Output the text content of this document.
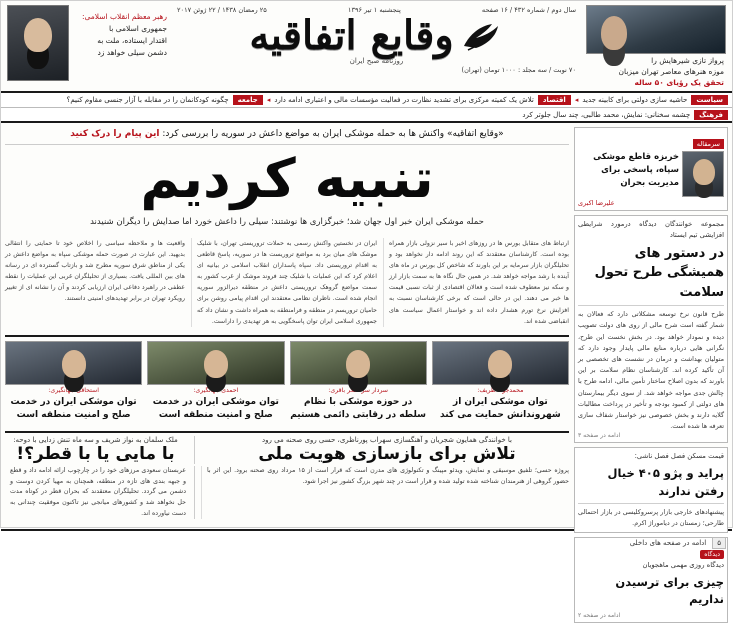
پرواز تازی شیرهایش را
موزه هنرهای معاصر تهران میزبان
تحقق یک رؤیای ۵۰ ساله
سال دوم / شماره ۴۳۲ / ۱۶ صفحه
پنجشنبه ۱ تیر ۱۳۹۶
۲۵ رمضان ۱۴۳۸ / ۲۲ ژوئن ۲۰۱۷
وقایع اتفاقیه
روزنامه صبح ایران
۷۰ نوبت / سه مجلد : ۱۰۰۰ تومان (تهران)
رهبر معظم انقلاب اسلامی:
جمهوری اسلامی با
اقتدار ایستاده، ملت به
دشمن سیلی خواهد زد
سیاست
حاشیه سازی دولتی برای کابینه جدید
◂
اقتصاد
تلاش یک کمیته مرکزی برای تشدید نظارت در فعالیت مؤسسات مالی و اعتباری ادامه دارد
◂
جامعه
چگونه کودکانمان را در مقابله با آزار جنسی مقاوم کنیم؟
فرهنگ
چشمه سخنانی: نمایش، محمد طالبی، چند سال جلوتر کرد
سرمقاله
خربزه قاطع موشکی سپاه، پاسخی برای مدیریت بحران
علیرضا اکبری
مجموعه خوانندگان دیدگاه درمورد شرایطی افزایشی تیم ایستاد
در دستور های همیشگی طرح تحول سلامت
طرح قانون نرخ توسعه مشکلاتی دارد که فعالان به شمار گفته است شرح مالی از روی های دولت تصویب دیده و نمودار خواهد بود. در بخش نخست این طرح، نگرانی هایی درباره منابع مالی پایدار وجود دارد که متولیان بهداشت و درمان در نشست های تخصصی بر آن تأکید کرده اند. کارشناسان نظام سلامت بر این باورند که بدون اصلاح ساختار تأمین مالی، ادامه طرح با چالش جدی مواجه خواهد شد. از سوی دیگر بیمارستان های دولتی از کمبود بودجه و تأخیر در پرداخت مطالبات گلایه دارند و بخش خصوصی نیز خواستار شفاف سازی تعرفه ها شده است.
ادامه در صفحه ۳
قیمت مسکن فصل فصل ناشی:
پراید و پژو ۴۰۵ خیال رفتن ندارند
پیشنهادهای خارجی بازار پرسروکلیسی در بازار احتمالی طارحی؛ زمستان در دیاموراژ اکرم.
دیدگاه
دیدگاه روزی مهمی ماهجویان
چیزی برای ترسیدن نداریم
ادامه در صفحه ۲
«وقایع اتفاقیه» واکنش ها به حمله موشکی ایران به مواضع داعش در سوریه را بررسی کرد: این پیام را درک کنید
تنبیه کردیم
حمله موشکی ایران خبر اول جهان شد؛ خبرگزاری ها نوشتند: سیلی را داعش خورد اما صدایش را دیگران شنیدند
ارتباط های متقابل بورس ها در روزهای اخیر با سیر نزولی بازار همراه بوده است. کارشناسان معتقدند که این روند ادامه دار نخواهد بود و تحلیلگران بازار سرمایه بر این باورند که شاخص کل بورس در ماه های آینده با رشد مواجه خواهد شد. در همین حال نگاه ها به سمت بازار ارز و سکه نیز معطوف شده است و فعالان اقتصادی از ثبات نسبی قیمت ها خبر می دهند. این در حالی است که برخی کارشناسان نسبت به افزایش نرخ تورم هشدار داده اند و خواستار اعمال سیاست های انقباضی شده اند.
ایران در نخستین واکنش رسمی به حملات تروریستی تهران، با شلیک موشک های میان برد به مواضع تروریست ها در سوریه، پاسخ قاطعی به اقدام تروریستی داد. سپاه پاسداران انقلاب اسلامی در بیانیه ای اعلام کرد که این عملیات با شلیک چند فروند موشک از غرب کشور به سمت مواضع گروهک تروریستی داعش در منطقه دیرالزور سوریه انجام شده است. ناظران نظامی معتقدند این اقدام پیامی روشن برای حامیان تروریسم در منطقه و فرامنطقه به همراه داشت و نشان داد که جمهوری اسلامی ایران توان پاسخگویی به هر تهدیدی را داراست.
واقعیت ها و ملاحظه سیاسی را اخلاص خود تا حمایتی را انتقالی بدیهید. این عبارت در صورت حمله موشکی سپاه به مواضع داعش در یکی از مناطق شرق سوریه مطرح شد و بازتاب گسترده ای در رسانه های بین المللی یافت. بسیاری از تحلیلگران غربی این عملیات را نقطه عطفی در راهبرد دفاعی ایران ارزیابی کردند و آن را نشانه ای از تغییر رویکرد تهران در برابر تهدیدهای امنیتی دانستند.
محمدجواد ظریف:
توان موشکی ایران از شهروندانش حمایت می کند
سردار سرلشکر باقری:
در حوزه موشکی با نظام سلطه در رقابتی دائمی هستیم
احمدی جهانگیری:
توان موشکی ایران در خدمت صلح و امنیت منطقه است
استحاقی جهانگیری:
توان موشکی ایران در خدمت صلح و امنیت منطقه است
با خوانندگی همایون شجریان و آهنگسازی سهراب پورناظری، حسی روی صحنه می رود
تلاش برای بازسازی هویت ملی
ملک سلمان به نواز شریف و سه ماه تنش زدایی با دوحه:
با مایی یا با قطر؟!
پروژه حسی؛ تلفیق موسیقی و نمایش، ویدئو مپینگ و تکنولوژی های مدرن است که قرار است از ۱۵ مرداد روی صحنه برود. این اثر با حضور گروهی از هنرمندان شناخته شده تولید شده و قرار است در چند شهر بزرگ کشور نیز اجرا شود.
عربستان سعودی مرزهای خود را در چارچوب ارائه ادامه داد و قطع و جبهه بندی های تازه در منطقه، همچنان به مهیا کردن دوست و دشمن می گردد. تحلیلگران معتقدند که بحران قطر در کوتاه مدت حل نخواهد شد و کشورهای میانجی نیز تاکنون موفقیت چندانی به دست نیاورده اند.
۵
ادامه در صفحه های داخلی
